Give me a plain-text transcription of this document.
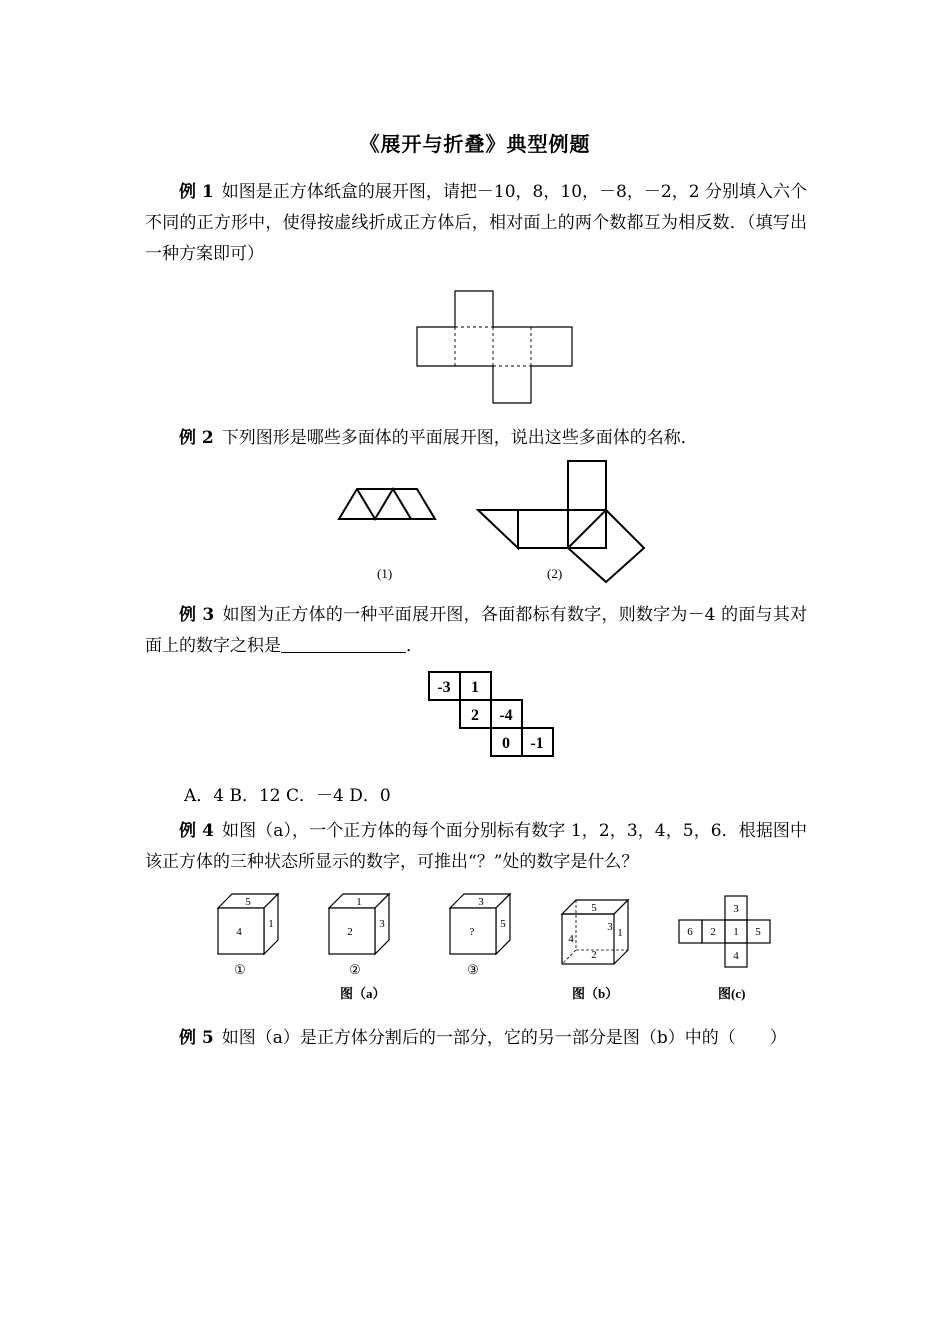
《展开与折叠》典型例题
例 1 如图是正方体纸盒的展开图，请把－10，8，10，－8，－2，2 分别填入六个不同的正方形中，使得按虚线折成正方体后，相对面上的两个数都互为相反数．（填写出一种方案即可）
例 2 下列图形是哪些多面体的平面展开图，说出这些多面体的名称．
(1)	(2)
例 3 如图为正方体的一种平面展开图，各面都标有数字，则数字为－4 的面与其对面上的数字之积是	．
-3 1
2 -4
0 -1
A．4 B．12 C．－4 D．0
例 4 如图（a），一个正方体的每个面分别标有数字 1，2，3，4，5，6．根据图中该正方体的三种状态所显示的数字，可推出“？”处的数字是什么？
5
4
1
①
1
2
3
②
3
?
5
③
5
1
3
4
2
3
6 2 1 5
4
图（a）	图（b）	图(c)
例 5 如图（a）是正方体分割后的一部分，它的另一部分是图（b）中的（　　）
